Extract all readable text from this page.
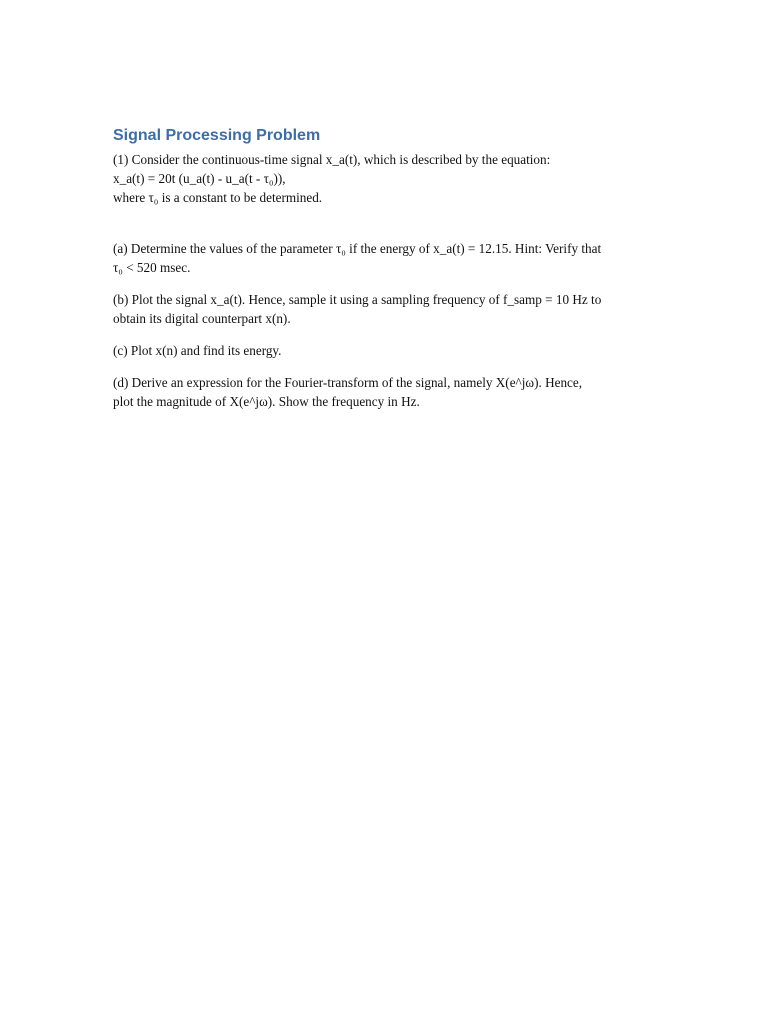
Signal Processing Problem

(1) Consider the continuous-time signal x_a(t), which is described by the equation:

x_a(t) = 20t (u_a(t) - u_a(t - τ₀)),

where τ₀ is a constant to be determined.

(a) Determine the values of the parameter τ₀ if the energy of x_a(t) = 12.15. Hint: Verify that

τ₀ < 520 msec.

(b) Plot the signal x_a(t). Hence, sample it using a sampling frequency of f_samp = 10 Hz to

obtain its digital counterpart x(n).

(c) Plot x(n) and find its energy.

(d) Derive an expression for the Fourier-transform of the signal, namely X(e^jω). Hence,

plot the magnitude of X(e^jω). Show the frequency in Hz.
